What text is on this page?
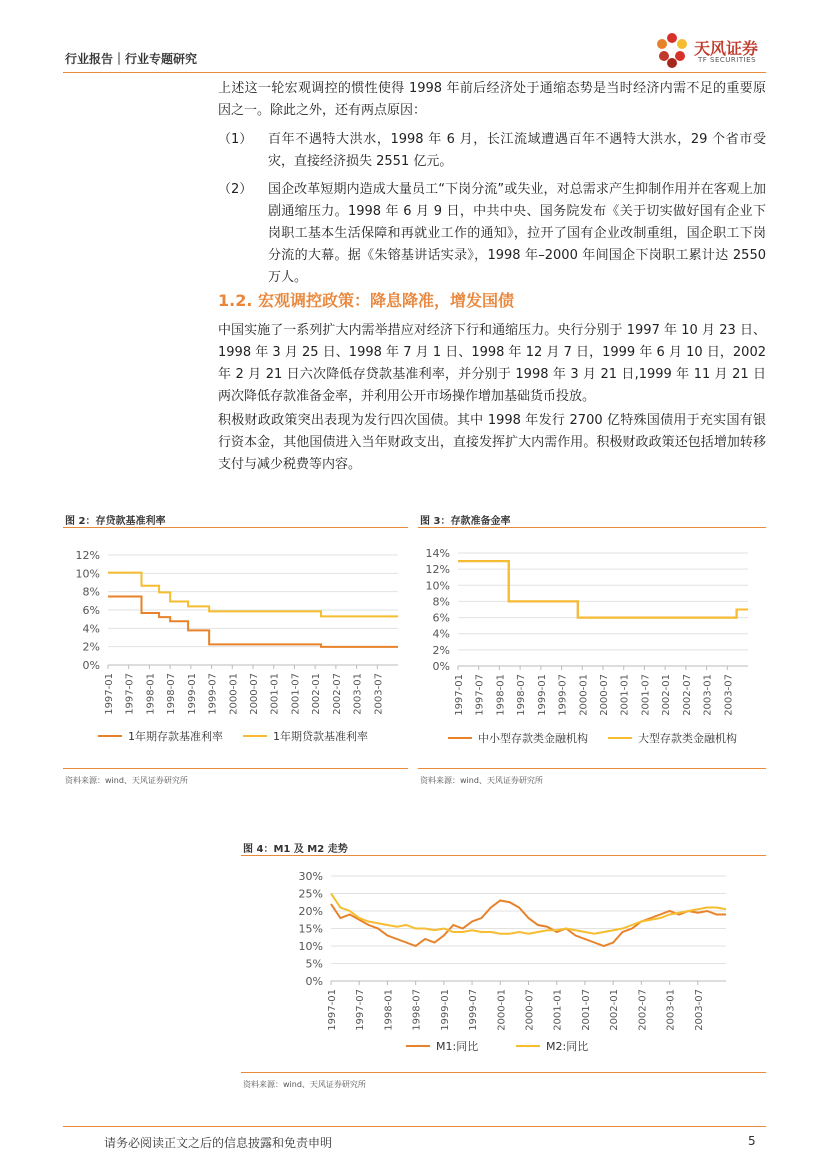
行业报告｜行业专题研究
天风证券
TF SECURITIES
上述这一轮宏观调控的惯性使得 1998 年前后经济处于通缩态势是当时经济内需不足的重要原因之一。除此之外，还有两点原因：
（1） 百年不遇特大洪水，1998 年 6 月，长江流域遭遇百年不遇特大洪水，29 个省市受灾，直接经济损失 2551 亿元。
（2） 国企改革短期内造成大量员工“下岗分流”或失业，对总需求产生抑制作用并在客观上加剧通缩压力。1998 年 6 月 9 日，中共中央、国务院发布《关于切实做好国有企业下岗职工基本生活保障和再就业工作的通知》，拉开了国有企业改制重组，国企职工下岗分流的大幕。据《朱镕基讲话实录》，1998 年–2000 年间国企下岗职工累计达 2550 万人。
1.2. 宏观调控政策：降息降准，增发国债
中国实施了一系列扩大内需举措应对经济下行和通缩压力。央行分别于 1997 年 10 月 23 日、1998 年 3 月 25 日、1998 年 7 月 1 日、1998 年 12 月 7 日，1999 年 6 月 10 日，2002 年 2 月 21 日六次降低存贷款基准利率，并分别于 1998 年 3 月 21 日,1999 年 11 月 21 日两次降低存款准备金率，并利用公开市场操作增加基础货币投放。
积极财政政策突出表现为发行四次国债。其中 1998 年发行 2700 亿特殊国债用于充实国有银行资本金，其他国债进入当年财政支出，直接发挥扩大内需作用。积极财政政策还包括增加转移支付与减少税费等内容。
图 2：存贷款基准利率
0%
2%
4%
6%
8%
10%
12%
1997-01 1997-07 1998-01 1998-07 1999-01 1999-07 2000-01 2000-07 2001-01 2001-07 2002-01 2002-07 2003-01 2003-07
1年期存款基准利率	1年期贷款基准利率
资料来源：wind、天风证券研究所
图 3：存款准备金率
0%
2%
4%
6%
8%
10%
12%
14%
1997-01 1997-07 1998-01 1998-07 1999-01 1999-07 2000-01 2000-07 2001-01 2001-07 2002-01 2002-07 2003-01 2003-07
中小型存款类金融机构	大型存款类金融机构
资料来源：wind、天风证券研究所
图 4：M1 及 M2 走势
0%
5%
10%
15%
20%
25%
30%
1997-01 1997-07 1998-01 1998-07 1999-01 1999-07 2000-01 2000-07 2001-01 2001-07 2002-01 2002-07 2003-01 2003-07
M1:同比	M2:同比
资料来源：wind、天风证券研究所
请务必阅读正文之后的信息披露和免责申明	5
